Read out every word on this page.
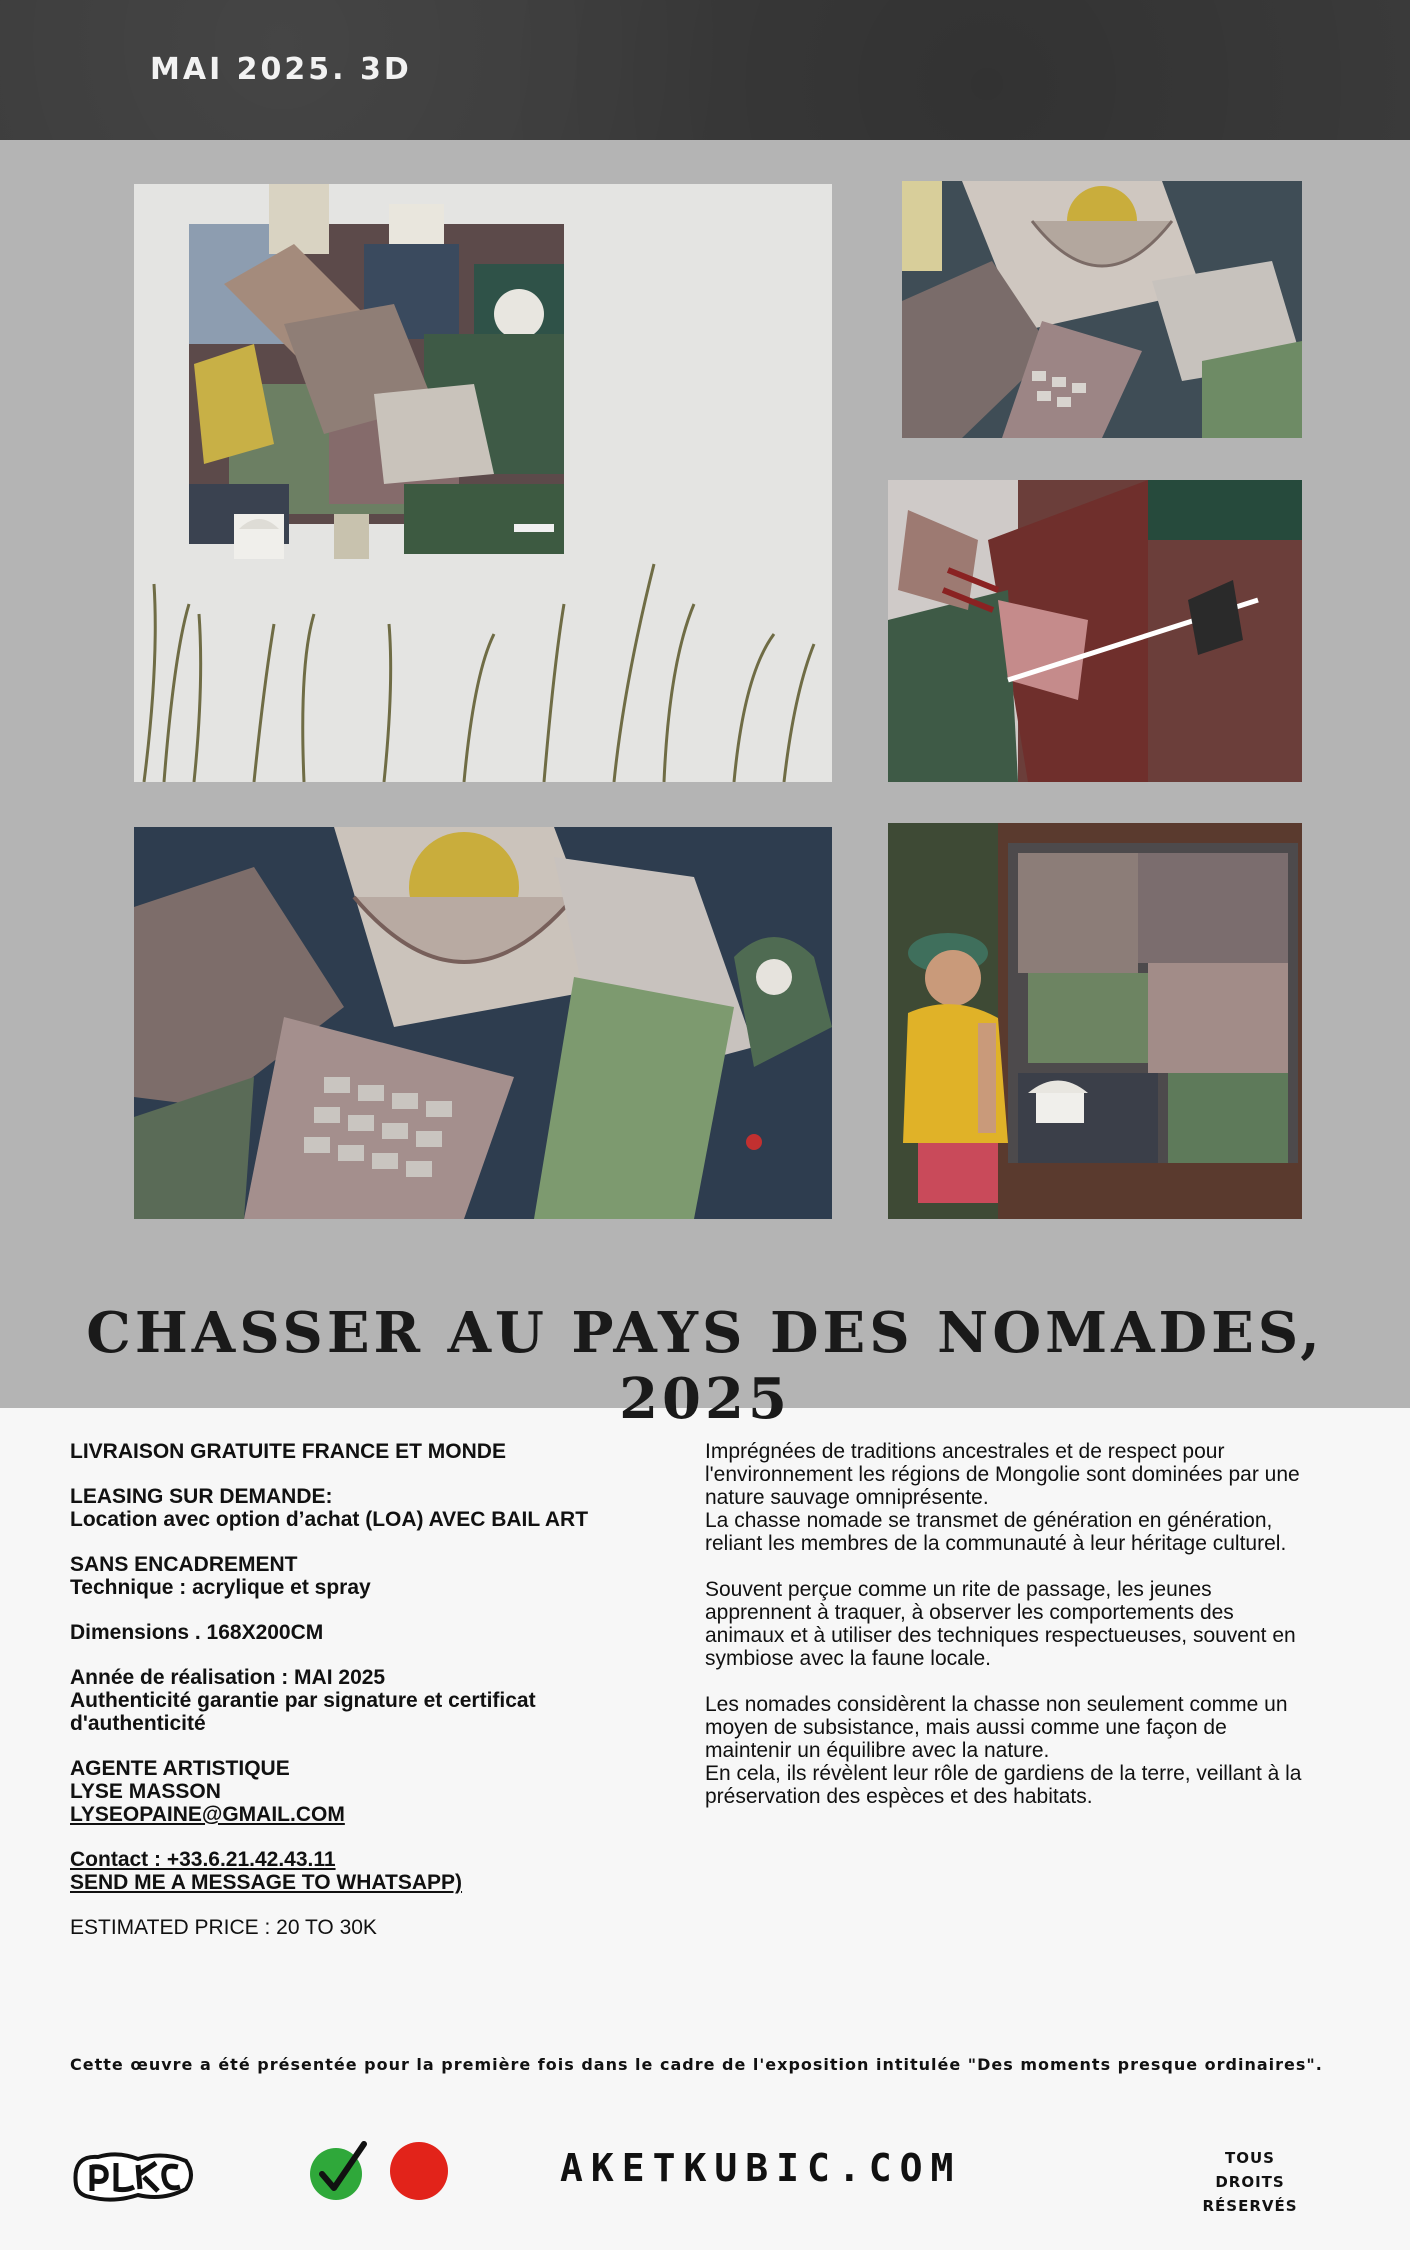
MAI 2025. 3D
CHASSER AU PAYS DES NOMADES, 2025
LIVRAISON GRATUITE FRANCE ET MONDE
LEASING SUR DEMANDE:
Location avec option d’achat (LOA) AVEC BAIL ART
SANS ENCADREMENT
Technique : acrylique et spray
Dimensions . 168X200CM
Année de réalisation : MAI 2025
Authenticité garantie par signature et certificat d'authenticité
AGENTE ARTISTIQUE
LYSE MASSON
LYSEOPAINE@GMAIL.COM
Contact : +33.6.21.42.43.11
SEND ME A MESSAGE TO WHATSAPP)
ESTIMATED PRICE : 20 TO 30K

Imprégnées de traditions ancestrales et de respect pour l'environnement les régions de Mongolie sont dominées par une nature sauvage omniprésente.
La chasse nomade se transmet de génération en génération, reliant les membres de la communauté à leur héritage culturel.

Souvent perçue comme un rite de passage, les jeunes apprennent à traquer, à observer les comportements des animaux et à utiliser des techniques respectueuses, souvent en symbiose avec la faune locale.

Les nomades considèrent la chasse non seulement comme un moyen de subsistance, mais aussi comme une façon de maintenir un équilibre avec la nature.
En cela, ils révèlent leur rôle de gardiens de la terre, veillant à la préservation des espèces et des habitats.

Cette œuvre a été présentée pour la première fois dans le cadre de l'exposition intitulée "Des moments presque ordinaires".
AKETKUBIC.COM	TOUS
DROITS
RÉSERVÉS
